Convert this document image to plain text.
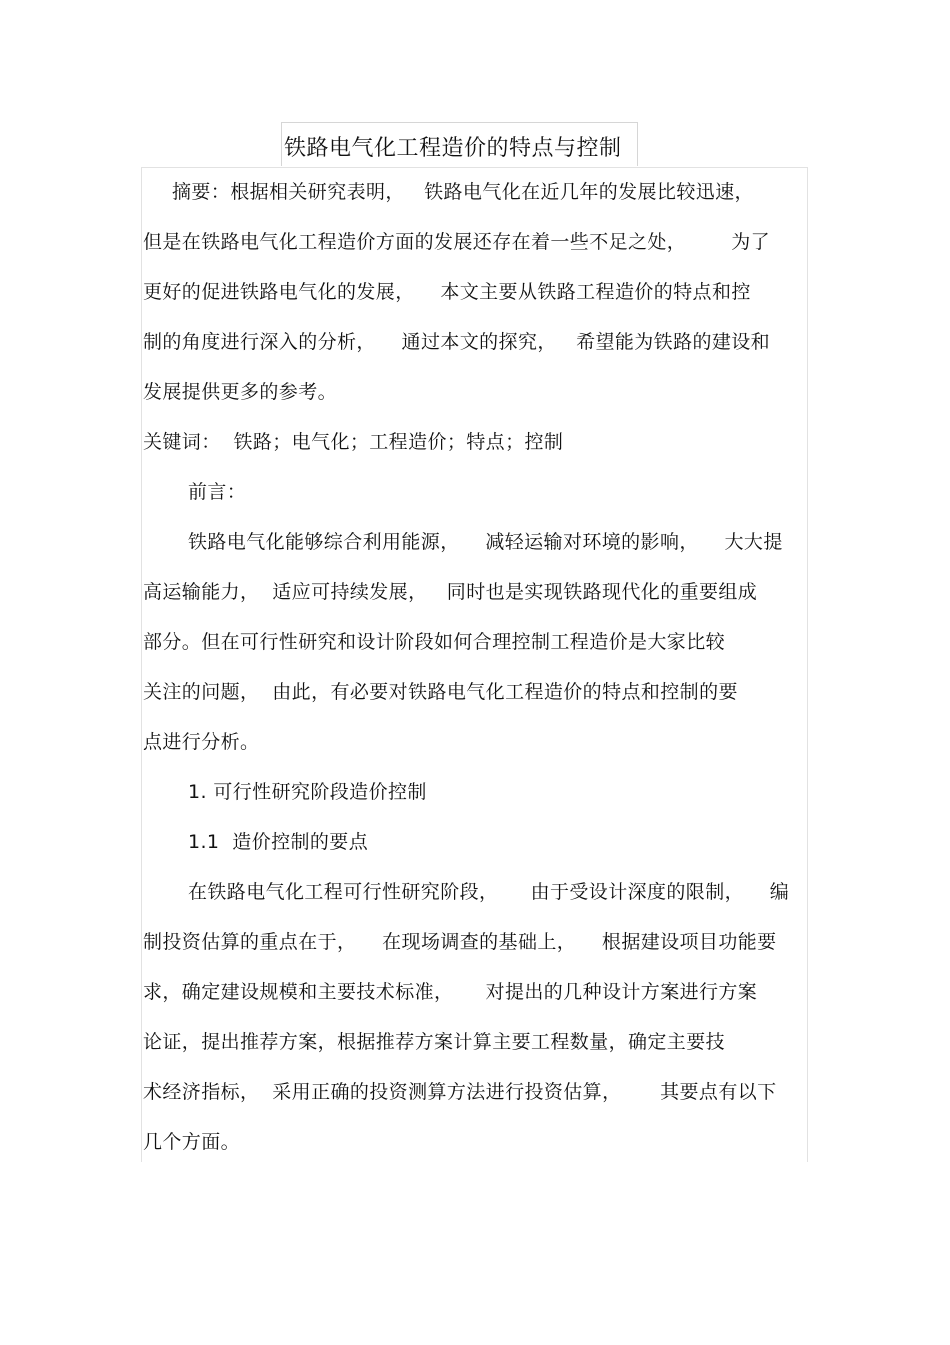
铁路电气化工程造价的特点与控制
摘要：根据相关研究表明，   铁路电气化在近几年的发展比较迅速，
但是在铁路电气化工程造价方面的发展还存在着一些不足之处，       为了
更好的促进铁路电气化的发展，    本文主要从铁路工程造价的特点和控
制的角度进行深入的分析，    通过本文的探究，   希望能为铁路的建设和
发展提供更多的参考。
关键词：  铁路；电气化；工程造价；特点；控制
前言：
铁路电气化能够综合利用能源，    减轻运输对环境的影响，    大大提
高运输能力，  适应可持续发展，   同时也是实现铁路现代化的重要组成
部分。但在可行性研究和设计阶段如何合理控制工程造价是大家比较
关注的问题，  由此，有必要对铁路电气化工程造价的特点和控制的要
点进行分析。
1. 可行性研究阶段造价控制
1.1  造价控制的要点
在铁路电气化工程可行性研究阶段，     由于受设计深度的限制，    编
制投资估算的重点在于，    在现场调查的基础上，    根据建设项目功能要
求，确定建设规模和主要技术标准，     对提出的几种设计方案进行方案
论证，提出推荐方案，根据推荐方案计算主要工程数量，确定主要技
术经济指标，  采用正确的投资测算方法进行投资估算，      其要点有以下
几个方面。
